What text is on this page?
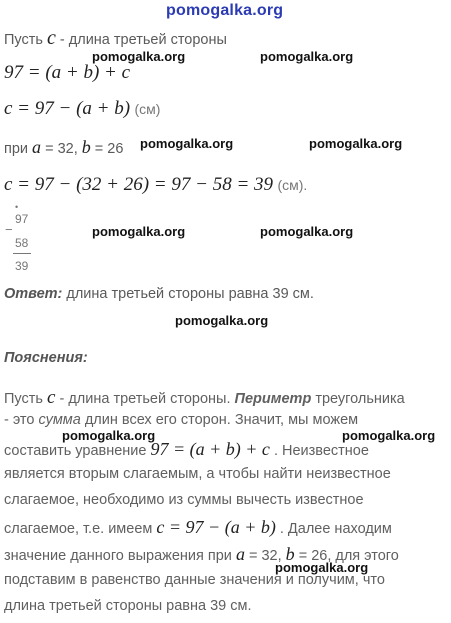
pomogalka.org
Пусть c - длина третьей стороны
pomogalka.org	pomogalka.org
97 = (a + b) + c
c = 97 − (a + b) (см)
при a = 32, b = 26 pomogalka.org	pomogalka.org
c = 97 − (32 + 26) = 97 − 58 = 39 (см).
•
97
−
58
39
pomogalka.org	pomogalka.org
Ответ: длина третьей стороны равна 39 см.
pomogalka.org
Пояснения:
Пусть c - длина третьей стороны. Периметр треугольника
- это сумма длин всех его сторон. Значит, мы можем
pomogalka.org	pomogalka.org
составить уравнение 97 = (a + b) + c . Неизвестное
является вторым слагаемым, а чтобы найти неизвестное
слагаемое, необходимо из суммы вычесть известное
слагаемое, т.е. имеем c = 97 − (a + b) . Далее находим
значение данного выражения при a = 32, b = 26, для этого
pomogalka.org
подставим в равенство данные значения и получим, что
длина третьей стороны равна 39 см.
